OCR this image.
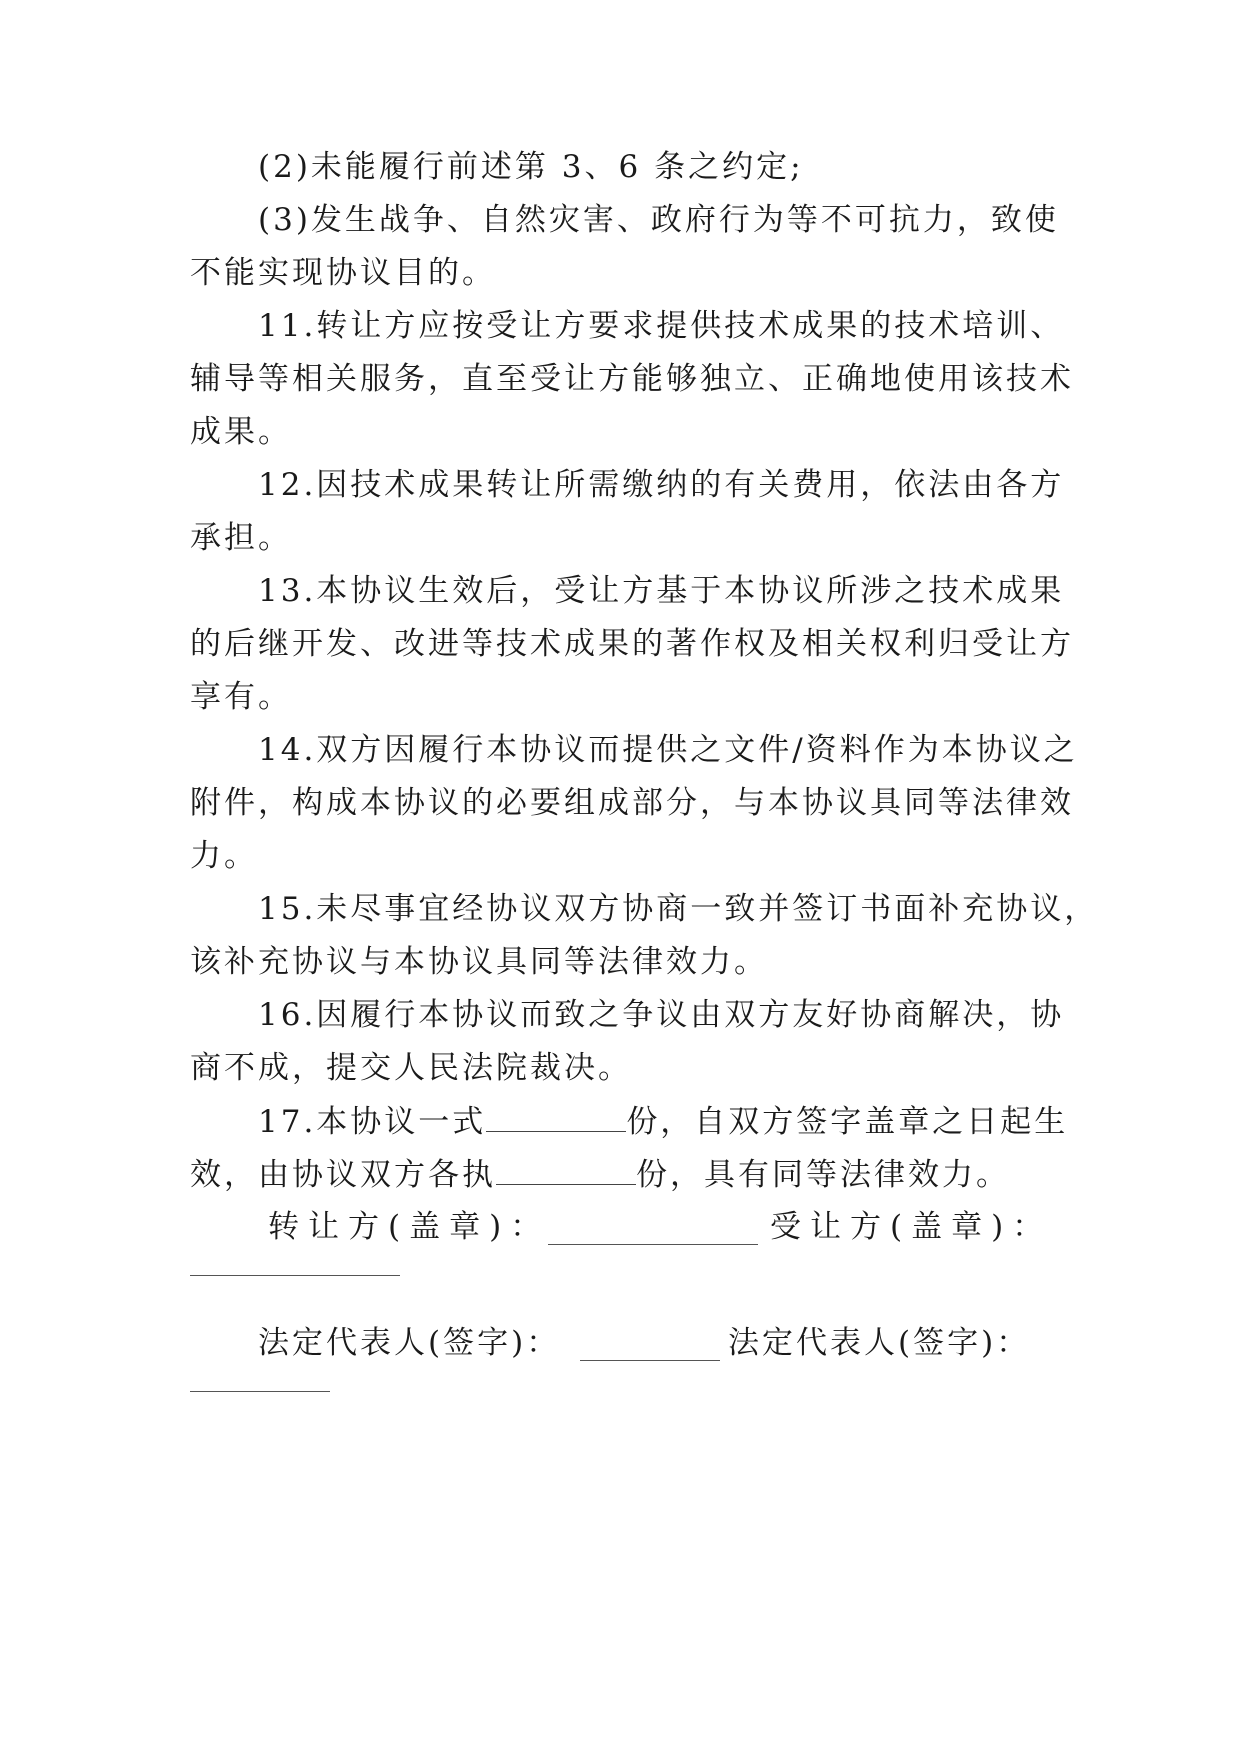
(2)未能履行前述第 3、6 条之约定;
(3)发生战争、自然灾害、政府行为等不可抗力，致使
不能实现协议目的。
11.转让方应按受让方要求提供技术成果的技术培训、
辅导等相关服务，直至受让方能够独立、正确地使用该技术
成果。
12.因技术成果转让所需缴纳的有关费用，依法由各方
承担。
13.本协议生效后，受让方基于本协议所涉之技术成果
的后继开发、改进等技术成果的著作权及相关权利归受让方
享有。
14.双方因履行本协议而提供之文件/资料作为本协议之
附件，构成本协议的必要组成部分，与本协议具同等法律效
力。
15.未尽事宜经协议双方协商一致并签订书面补充协议，
该补充协议与本协议具同等法律效力。
16.因履行本协议而致之争议由双方友好协商解决，协
商不成，提交人民法院裁决。
17.本协议一式	份，自双方签字盖章之日起生
效，由协议双方各执	份，具有同等法律效力。
转让方(盖章)：	受让方(盖章)：
法定代表人(签字)：	法定代表人(签字)：
